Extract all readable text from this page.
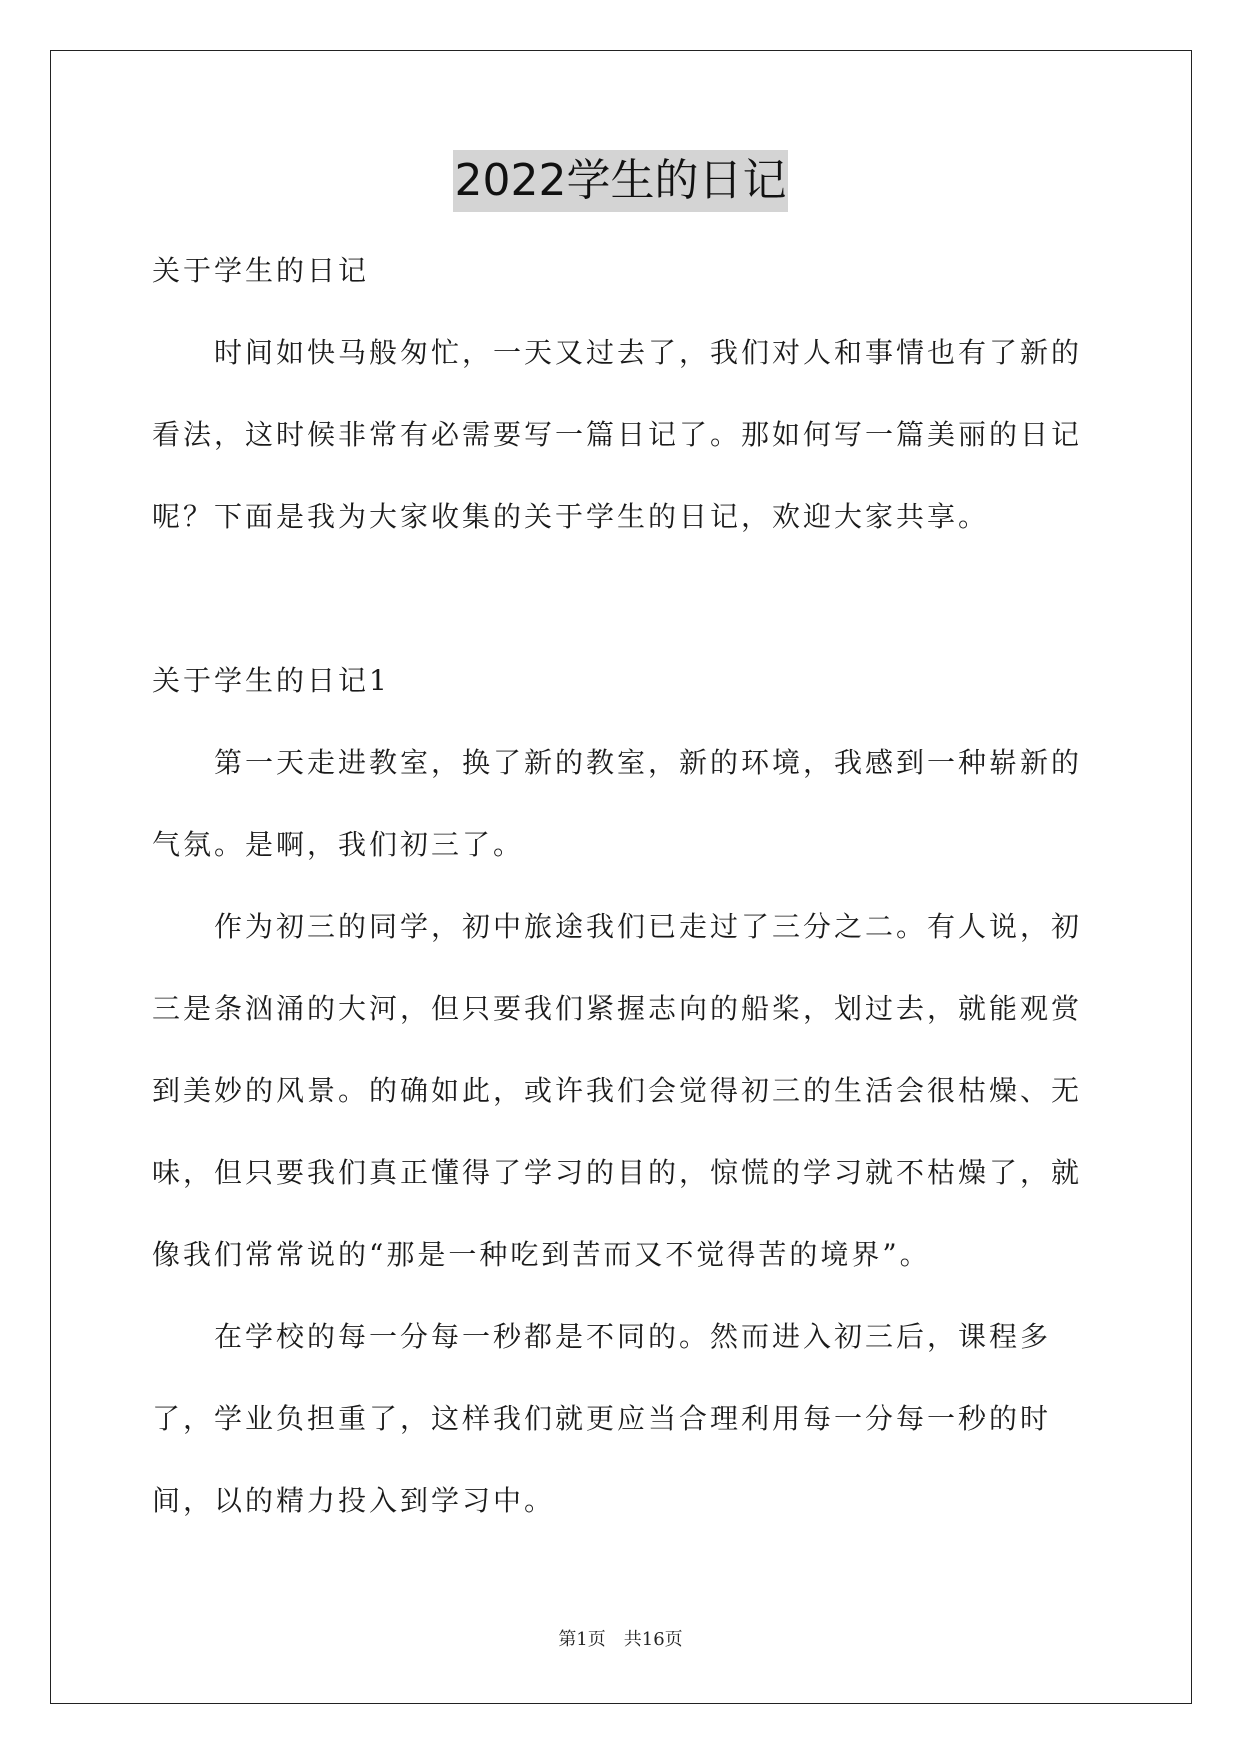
2022学生的日记

关于学生的日记

时间如快马般匆忙，一天又过去了，我们对人和事情也有了新的看法，这时候非常有必需要写一篇日记了。那如何写一篇美丽的日记呢？下面是我为大家收集的关于学生的日记，欢迎大家共享。

关于学生的日记1

第一天走进教室，换了新的教室，新的环境，我感到一种崭新的气氛。是啊，我们初三了。

作为初三的同学，初中旅途我们已走过了三分之二。有人说，初三是条汹涌的大河，但只要我们紧握志向的船桨，划过去，就能观赏到美妙的风景。的确如此，或许我们会觉得初三的生活会很枯燥、无味，但只要我们真正懂得了学习的目的，惊慌的学习就不枯燥了，就像我们常常说的“那是一种吃到苦而又不觉得苦的境界”。

在学校的每一分每一秒都是不同的。然而进入初三后，课程多了，学业负担重了，这样我们就更应当合理利用每一分每一秒的时间，以的精力投入到学习中。

第1页 共16页
